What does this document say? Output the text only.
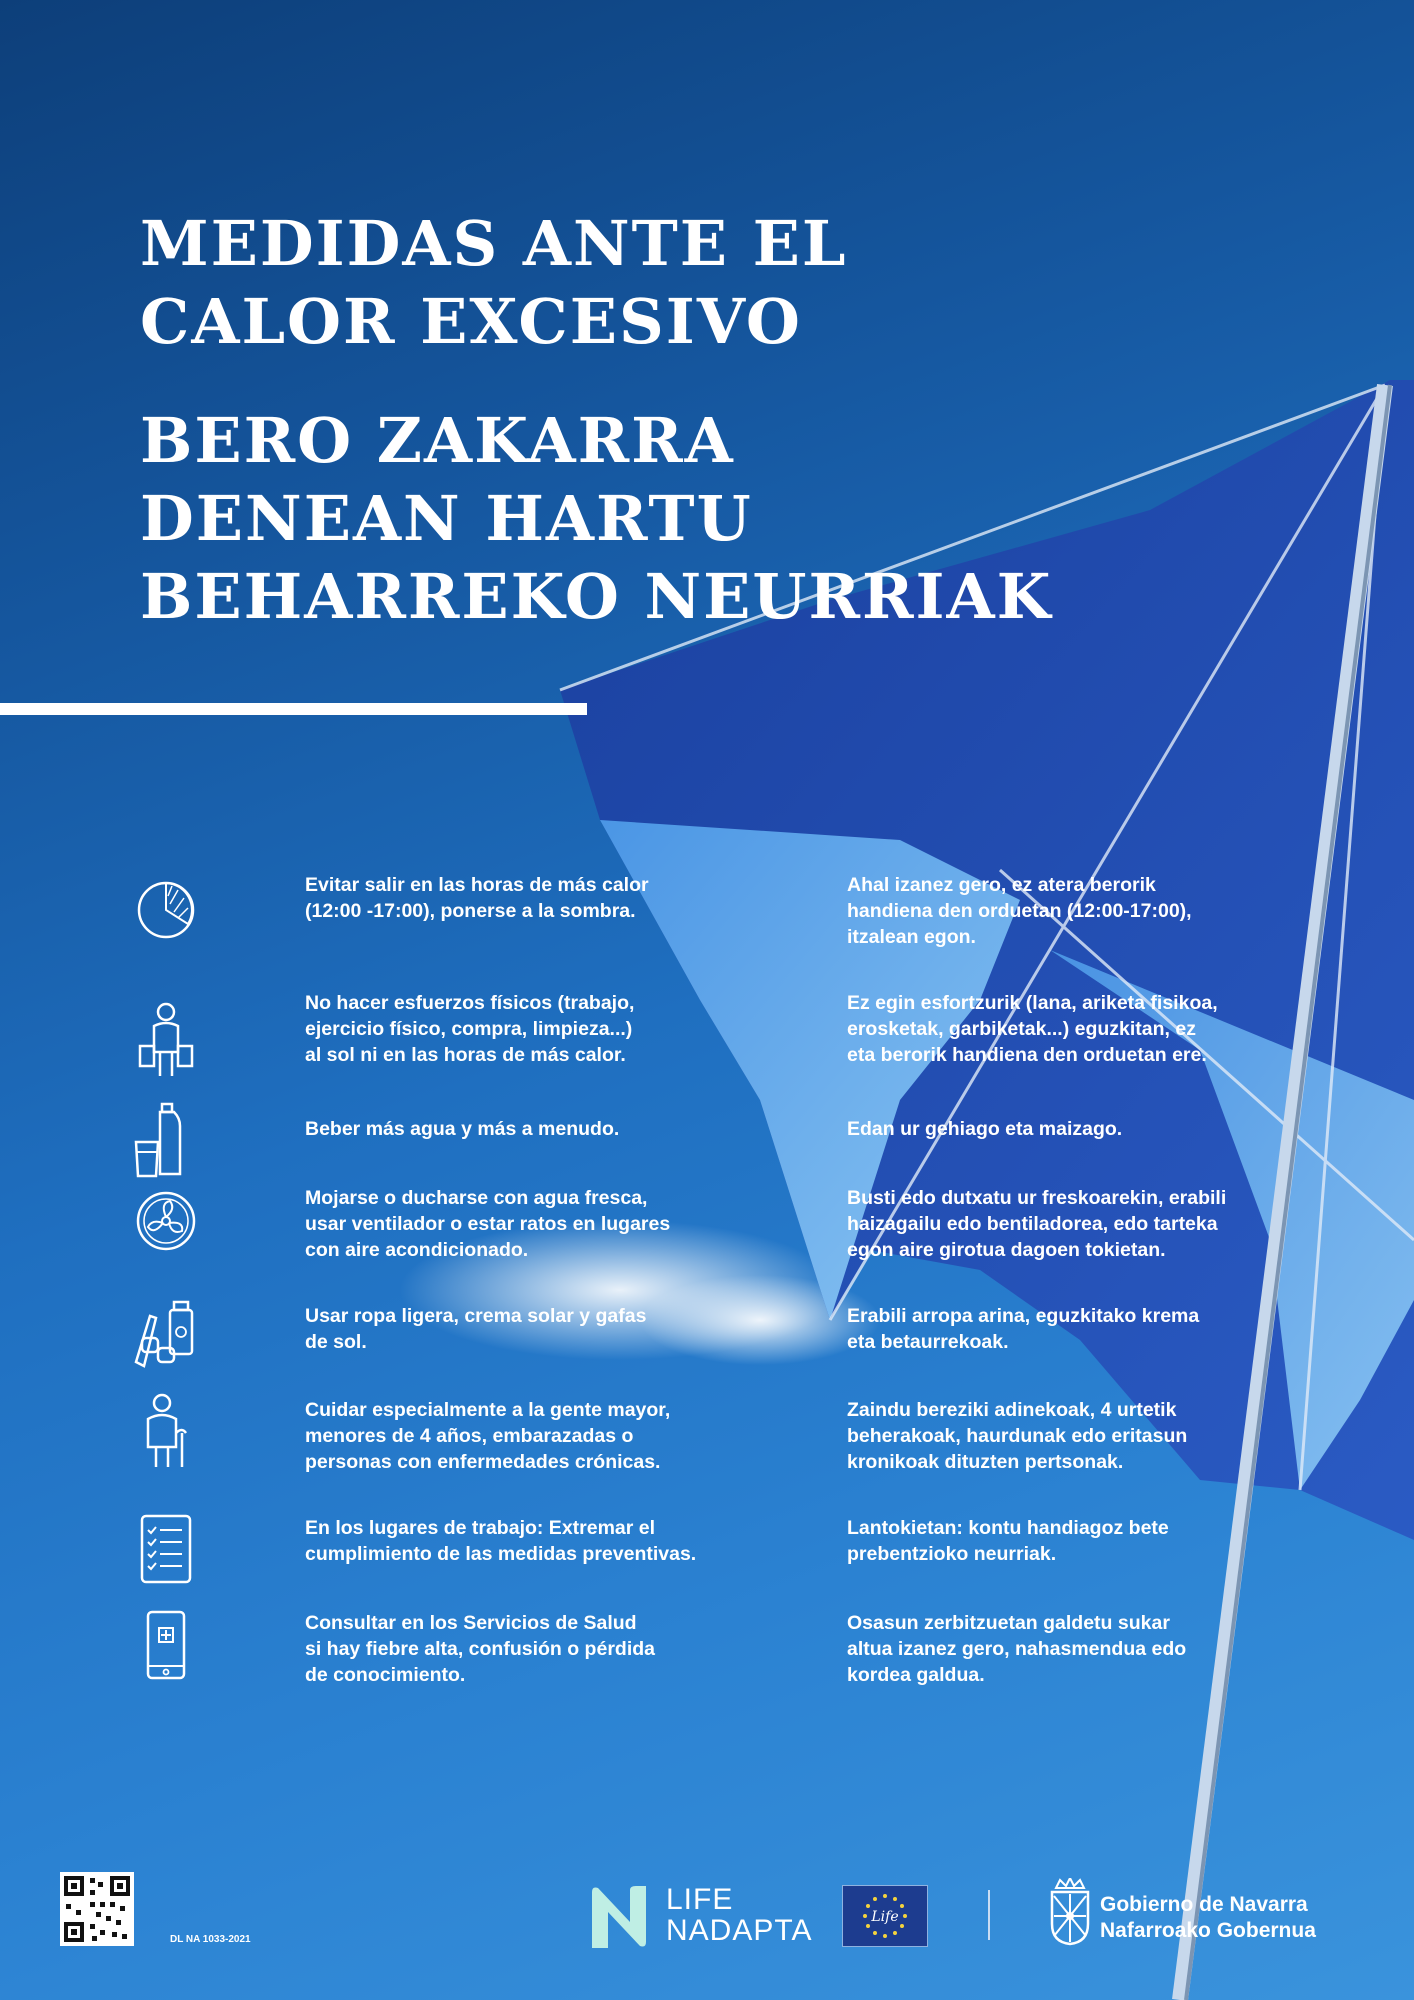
MEDIDAS ANTE EL
CALOR EXCESIVO
BERO ZAKARRA
DENEAN HARTU
BEHARREKO NEURRIAK

Evitar salir en las horas de más calor
(12:00 -17:00), ponerse a la sombra.

Ahal izanez gero, ez atera berorik
handiena den orduetan (12:00-17:00),
itzalean egon.

No hacer esfuerzos físicos (trabajo,
ejercicio físico, compra, limpieza...)
al sol ni en las horas de más calor.

Ez egin esfortzurik (lana, ariketa fisikoa,
erosketak, garbiketak...) eguzkitan, ez
eta berorik handiena den orduetan ere.

Beber más agua y más a menudo.	Edan ur gehiago eta maizago.

Mojarse o ducharse con agua fresca,
usar ventilador o estar ratos en lugares
con aire acondicionado.

Busti edo dutxatu ur freskoarekin, erabili
haizagailu edo bentiladorea, edo tarteka
egon aire girotua dagoen tokietan.

Usar ropa ligera, crema solar y gafas
de sol.

Erabili arropa arina, eguzkitako krema
eta betaurrekoak.

Cuidar especialmente a la gente mayor,
menores de 4 años, embarazadas o
personas con enfermedades crónicas.

Zaindu bereziki adinekoak, 4 urtetik
beherakoak, haurdunak edo eritasun
kronikoak dituzten pertsonak.

En los lugares de trabajo: Extremar el
cumplimiento de las medidas preventivas.

Lantokietan: kontu handiagoz bete
prebentzioko neurriak.

Consultar en los Servicios de Salud
si hay fiebre alta, confusión o pérdida
de conocimiento.

Osasun zerbitzuetan galdetu sukar
altua izanez gero, nahasmendua edo
kordea galdua.

DL NA 1033-2021
LIFE
NADAPTA	Life
Gobierno de Navarra
Nafarroako Gobernua
